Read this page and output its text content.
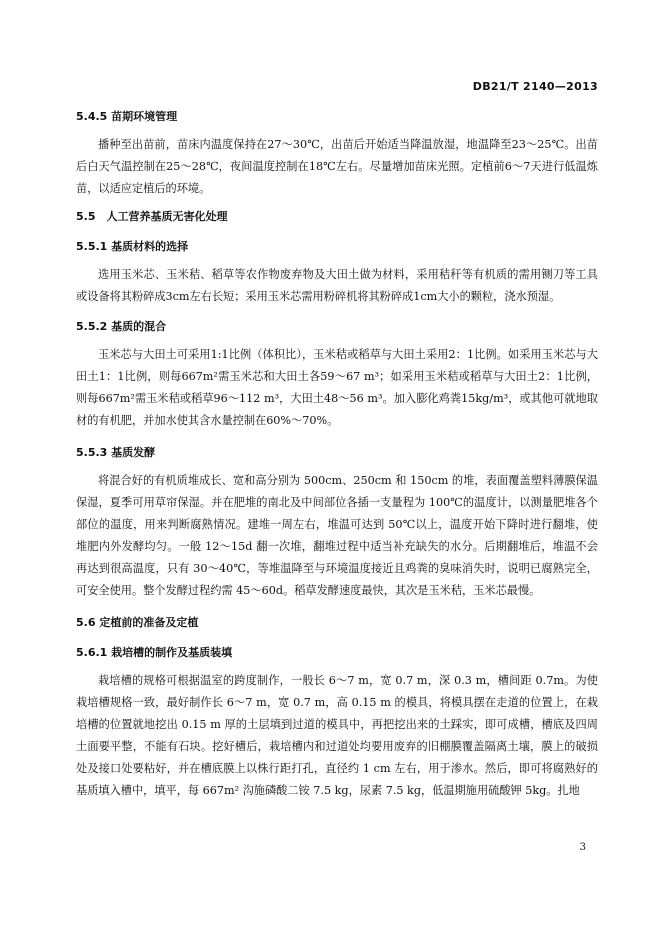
DB21/T 2140—2013

5.4.5 苗期环境管理

播种至出苗前，苗床内温度保持在27～30℃，出苗后开始适当降温放湿，地温降至23～25℃。出苗后白天气温控制在25～28℃，夜间温度控制在18℃左右。尽量增加苗床光照。定植前6～7天进行低温炼苗，以适应定植后的环境。

5.5　人工营养基质无害化处理

5.5.1 基质材料的选择

选用玉米芯、玉米秸、稻草等农作物废弃物及大田土做为材料，采用秸秆等有机质的需用铡刀等工具或设备将其粉碎成3cm左右长短；采用玉米芯需用粉碎机将其粉碎成1cm大小的颗粒，浇水预湿。

5.5.2 基质的混合

玉米芯与大田土可采用1:1比例（体积比），玉米秸或稻草与大田土采用2：1比例。如采用玉米芯与大田土1：1比例，则每667m²需玉米芯和大田土各59～67 m³；如采用玉米秸或稻草与大田土2：1比例，则每667m²需玉米秸或稻草96～112 m³，大田土48～56 m³。加入膨化鸡粪15kg/m³，或其他可就地取材的有机肥，并加水使其含水量控制在60%～70%。

5.5.3 基质发酵

将混合好的有机质堆成长、宽和高分别为 500cm、250cm 和 150cm 的堆，表面覆盖塑料薄膜保温保湿，夏季可用草帘保湿。并在肥堆的南北及中间部位各插一支量程为 100℃的温度计，以测量肥堆各个部位的温度，用来判断腐熟情况。建堆一周左右，堆温可达到 50℃以上，温度开始下降时进行翻堆，使堆肥内外发酵均匀。一般 12～15d 翻一次堆，翻堆过程中适当补充缺失的水分。后期翻堆后，堆温不会再达到很高温度，只有 30～40℃，等堆温降至与环境温度接近且鸡粪的臭味消失时，说明已腐熟完全，可安全使用。整个发酵过程约需 45～60d。稻草发酵速度最快，其次是玉米秸，玉米芯最慢。

5.6 定植前的准备及定植

5.6.1 栽培槽的制作及基质装填

栽培槽的规格可根据温室的跨度制作，一般长 6～7 m，宽 0.7 m，深 0.3 m，槽间距 0.7m。为使栽培槽规格一致，最好制作长 6～7 m，宽 0.7 m，高 0.15 m 的模具，将模具摆在走道的位置上，在栽培槽的位置就地挖出 0.15 m 厚的土层填到过道的模具中，再把挖出来的土踩实，即可成槽，槽底及四周土面要平整，不能有石块。挖好槽后，栽培槽内和过道处均要用废弃的旧棚膜覆盖隔离土壤，膜上的破损处及接口处要粘好，并在槽底膜上以株行距打孔，直径约 1 cm 左右，用于渗水。然后，即可将腐熟好的基质填入槽中，填平，每 667m² 沟施磷酸二铵 7.5 kg，尿素 7.5 kg，低温期施用硫酸钾 5kg。扎地

3
